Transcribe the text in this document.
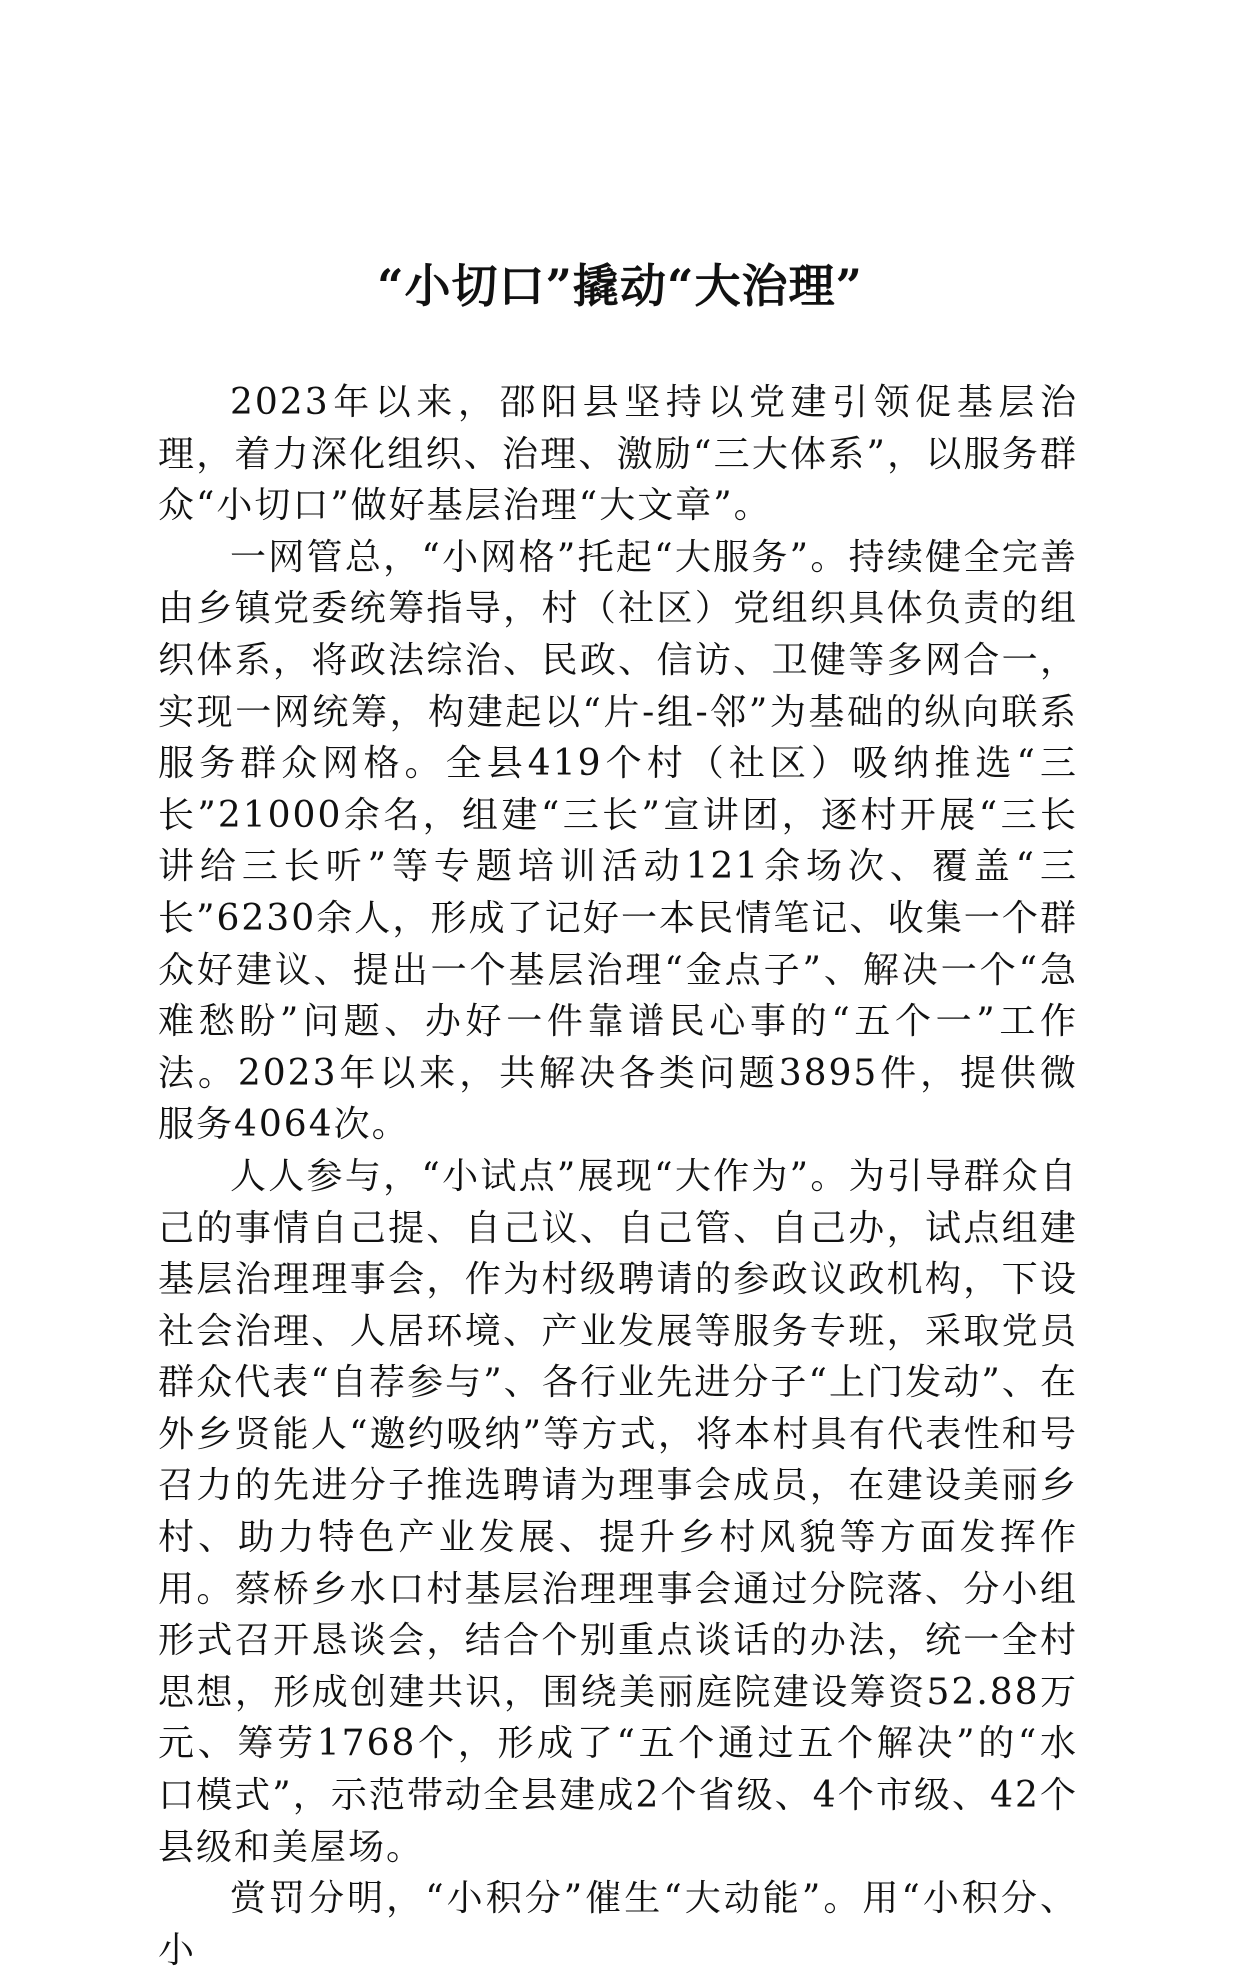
“小切口”撬动“大治理”

2023年以来，邵阳县坚持以党建引领促基层治理，着力深化组织、治理、激励“三大体系”，以服务群众“小切口”做好基层治理“大文章”。

一网管总，“小网格”托起“大服务”。持续健全完善由乡镇党委统筹指导，村（社区）党组织具体负责的组织体系，将政法综治、民政、信访、卫健等多网合一，实现一网统筹，构建起以“片-组-邻”为基础的纵向联系服务群众网格。全县419个村（社区）吸纳推选“三长”21000余名，组建“三长”宣讲团，逐村开展“三长讲给三长听”等专题培训活动121余场次、覆盖“三长”6230余人，形成了记好一本民情笔记、收集一个群众好建议、提出一个基层治理“金点子”、解决一个“急难愁盼”问题、办好一件靠谱民心事的“五个一”工作法。2023年以来，共解决各类问题3895件，提供微服务4064次。

人人参与，“小试点”展现“大作为”。为引导群众自己的事情自己提、自己议、自己管、自己办，试点组建基层治理理事会，作为村级聘请的参政议政机构，下设社会治理、人居环境、产业发展等服务专班，采取党员群众代表“自荐参与”、各行业先进分子“上门发动”、在外乡贤能人“邀约吸纳”等方式，将本村具有代表性和号召力的先进分子推选聘请为理事会成员，在建设美丽乡村、助力特色产业发展、提升乡村风貌等方面发挥作用。蔡桥乡水口村基层治理理事会通过分院落、分小组形式召开恳谈会，结合个别重点谈话的办法，统一全村思想，形成创建共识，围绕美丽庭院建设筹资52.88万元、筹劳1768个，形成了“五个通过五个解决”的“水口模式”，示范带动全县建成2个省级、4个市级、42个县级和美屋场。

赏罚分明，“小积分”催生“大动能”。用“小积分、小
